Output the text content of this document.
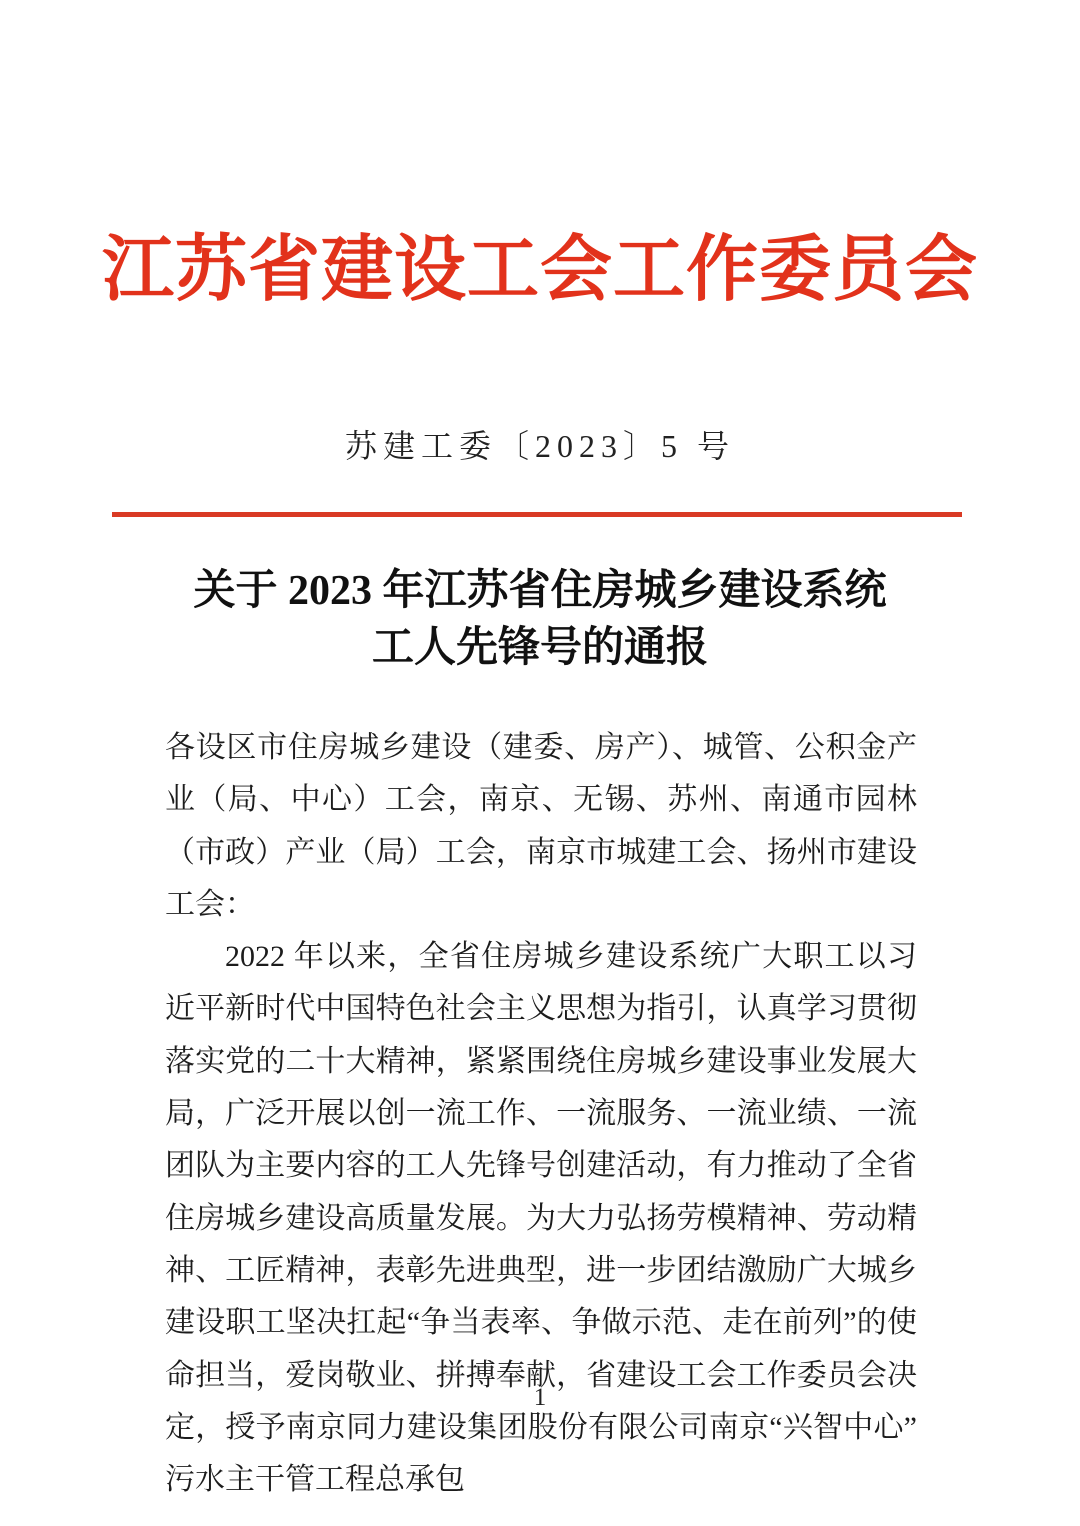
江苏省建设工会工作委员会
苏建工委〔2023〕5 号
关于 2023 年江苏省住房城乡建设系统
工人先锋号的通报

各设区市住房城乡建设（建委、房产）、城管、公积金产业（局、中心）工会，南京、无锡、苏州、南通市园林（市政）产业（局）工会，南京市城建工会、扬州市建设工会：

2022 年以来，全省住房城乡建设系统广大职工以习近平新时代中国特色社会主义思想为指引，认真学习贯彻落实党的二十大精神，紧紧围绕住房城乡建设事业发展大局，广泛开展以创一流工作、一流服务、一流业绩、一流团队为主要内容的工人先锋号创建活动，有力推动了全省住房城乡建设高质量发展。为大力弘扬劳模精神、劳动精神、工匠精神，表彰先进典型，进一步团结激励广大城乡建设职工坚决扛起“争当表率、争做示范、走在前列”的使命担当，爱岗敬业、拼搏奉献，省建设工会工作委员会决定，授予南京同力建设集团股份有限公司南京“兴智中心”污水主干管工程总承包

1
